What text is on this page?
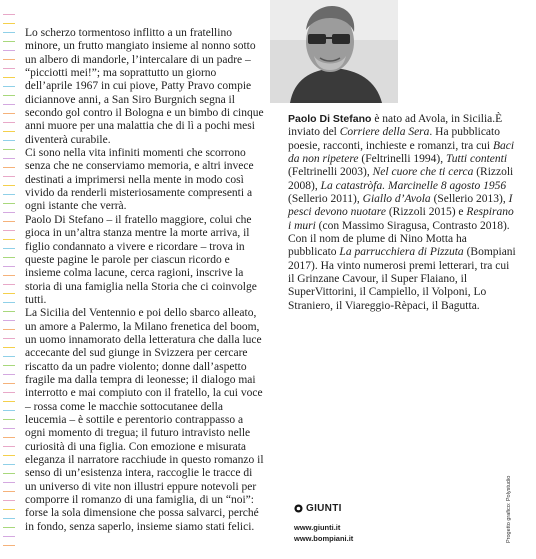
Lo scherzo tormentoso inflitto a un fratellino minore, un frutto mangiato insieme al nonno sotto un albero di mandorle, l’intercalare di un padre – “picciotti mei!”; ma soprattutto un giorno dell’aprile 1967 in cui piove, Patty Pravo compie diciannove anni, a San Siro Burgnich segna il secondo gol contro il Bologna e un bimbo di cinque anni muore per una malattia che di lì a pochi mesi diventerà curabile.

Ci sono nella vita infiniti momenti che scorrono senza che ne conserviamo memoria, e altri invece destinati a imprimersi nella mente in modo così vivido da renderli misteriosamente compresenti a ogni istante che verrà.

Paolo Di Stefano – il fratello maggiore, colui che gioca in un’altra stanza mentre la morte arriva, il figlio condannato a vivere e ricordare – trova in queste pagine le parole per ciascun ricordo e insieme colma lacune, cerca ragioni, inscrive la storia di una famiglia nella Storia che ci coinvolge tutti.

La Sicilia del Ventennio e poi dello sbarco alleato, un amore a Palermo, la Milano frenetica del boom, un uomo innamorato della letteratura che dalla luce accecante del sud giunge in Svizzera per cercare riscatto da un padre violento; donne dall’aspetto fragile ma dalla tempra di leonesse; il dialogo mai interrotto e mai compiuto con il fratello, la cui voce – rossa come le macchie sottocutanee della leucemia – è sottile e perentorio contrappasso a ogni momento di tregua; il futuro intravisto nelle curiosità di una figlia. Con emozione e misurata eleganza il narratore racchiude in questo romanzo il senso di un’esistenza intera, raccoglie le tracce di un universo di vite non illustri eppure notevoli per comporre il romanzo di una famiglia, di un “noi”: forse la sola dimensione che possa salvarci, perché in fondo, senza saperlo, insieme siamo stati felici.

Paolo Di Stefano è nato ad Avola, in Sicilia.È inviato del Corriere della Sera. Ha pubblicato poesie, racconti, inchieste e romanzi, tra cui Baci da non ripetere (Feltrinelli 1994), Tutti contenti (Feltrinelli 2003), Nel cuore che ti cerca (Rizzoli 2008), La catastròfa. Marcinelle 8 agosto 1956 (Sellerio 2011), Giallo d’Avola (Sellerio 2013), I pesci devono nuotare (Rizzoli 2015) e Respirano i muri (con Massimo Siragusa, Contrasto 2018). Con il nom de plume di Nino Motta ha pubblicato La parrucchiera di Pizzuta (Bompiani 2017). Ha vinto numerosi premi letterari, tra cui il Grinzane Cavour, il Super Flaiano, il SuperVittorini, il Campiello, il Volponi, Lo Straniero, il Viareggio-Rèpaci, il Bagutta.

GIUNTI
www.giunti.it
www.bompiani.it	Progetto grafico: Polystudio
